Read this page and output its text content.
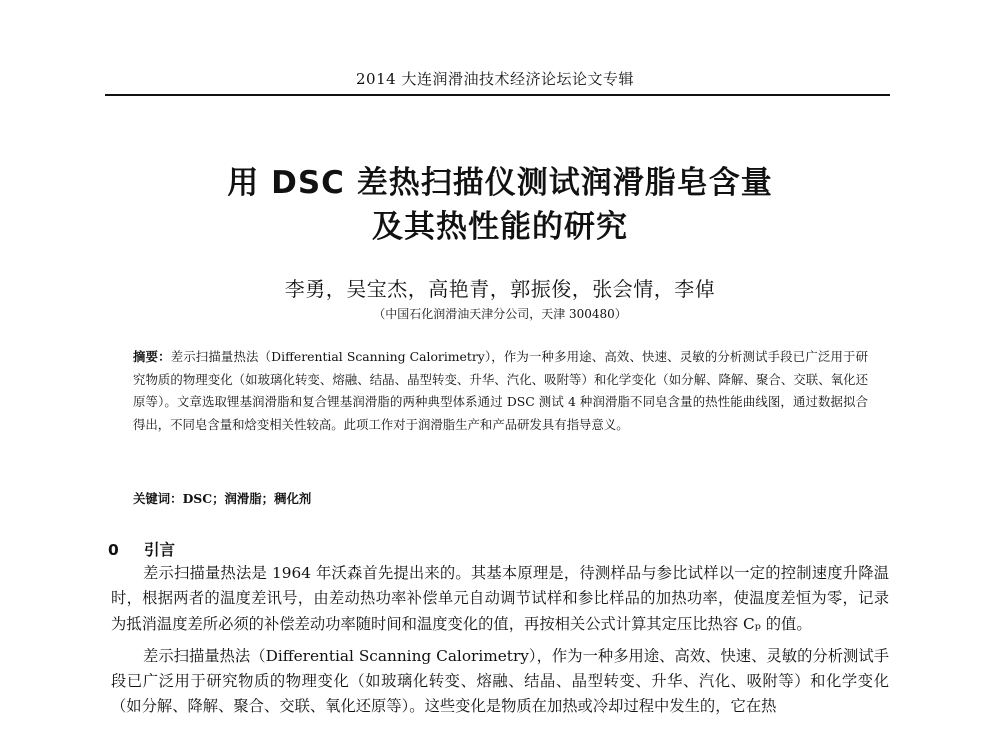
2014 大连润滑油技术经济论坛论文专辑
用 DSC 差热扫描仪测试润滑脂皂含量
及其热性能的研究
李勇，吴宝杰，高艳青，郭振俊，张会情，李倬
（中国石化润滑油天津分公司，天津 300480）
摘要：差示扫描量热法（Differential Scanning Calorimetry），作为一种多用途、高效、快速、灵敏的分析测试手段已广泛用于研究物质的物理变化（如玻璃化转变、熔融、结晶、晶型转变、升华、汽化、吸附等）和化学变化（如分解、降解、聚合、交联、氧化还原等）。文章选取锂基润滑脂和复合锂基润滑脂的两种典型体系通过 DSC 测试 4 种润滑脂不同皂含量的热性能曲线图，通过数据拟合得出，不同皂含量和焓变相关性较高。此项工作对于润滑脂生产和产品研发具有指导意义。
关键词：DSC；润滑脂；稠化剂
0 引言

差示扫描量热法是 1964 年沃森首先提出来的。其基本原理是，待测样品与参比试样以一定的控制速度升降温时，根据两者的温度差讯号，由差动热功率补偿单元自动调节试样和参比样品的加热功率，使温度差恒为零，记录为抵消温度差所必须的补偿差动功率随时间和温度变化的值，再按相关公式计算其定压比热容 Cₚ 的值。

差示扫描量热法（Differential Scanning Calorimetry），作为一种多用途、高效、快速、灵敏的分析测试手段已广泛用于研究物质的物理变化（如玻璃化转变、熔融、结晶、晶型转变、升华、汽化、吸附等）和化学变化（如分解、降解、聚合、交联、氧化还原等）。这些变化是物质在加热或冷却过程中发生的，它在热
